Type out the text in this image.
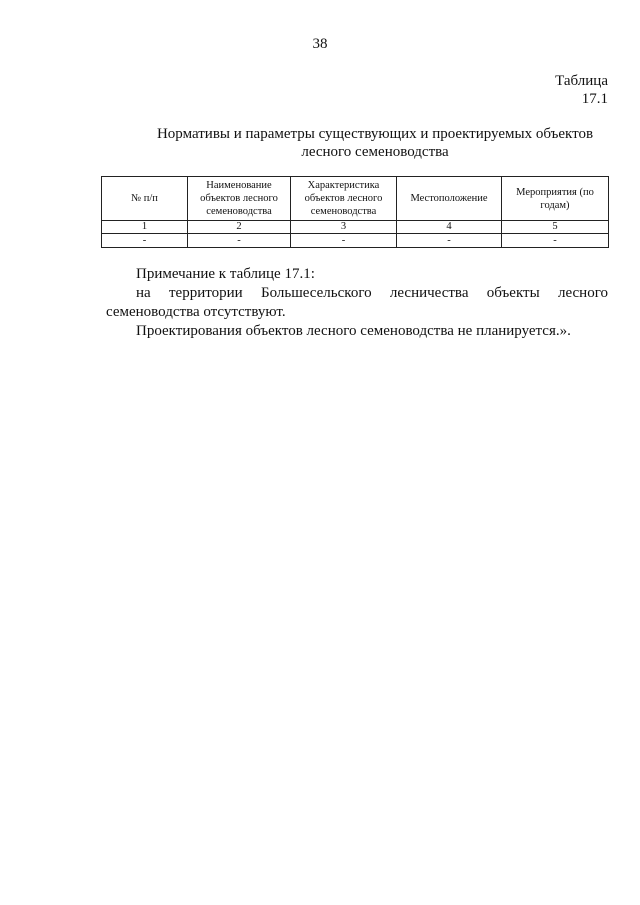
38
Таблица
17.1
Нормативы и параметры существующих и проектируемых объектов
лесного семеноводства
№ п/п	Наименование объектов лесного семеноводства	Характеристика объектов лесного семеноводства	Местоположение	Мероприятия (по годам)
1	2	3	4	5
-	-	-	-	-

Примечание к таблице 17.1:

на территории Большесельского лесничества объекты лесного семеноводства отсутствуют.

Проектирования объектов лесного семеноводства не планируется.».
